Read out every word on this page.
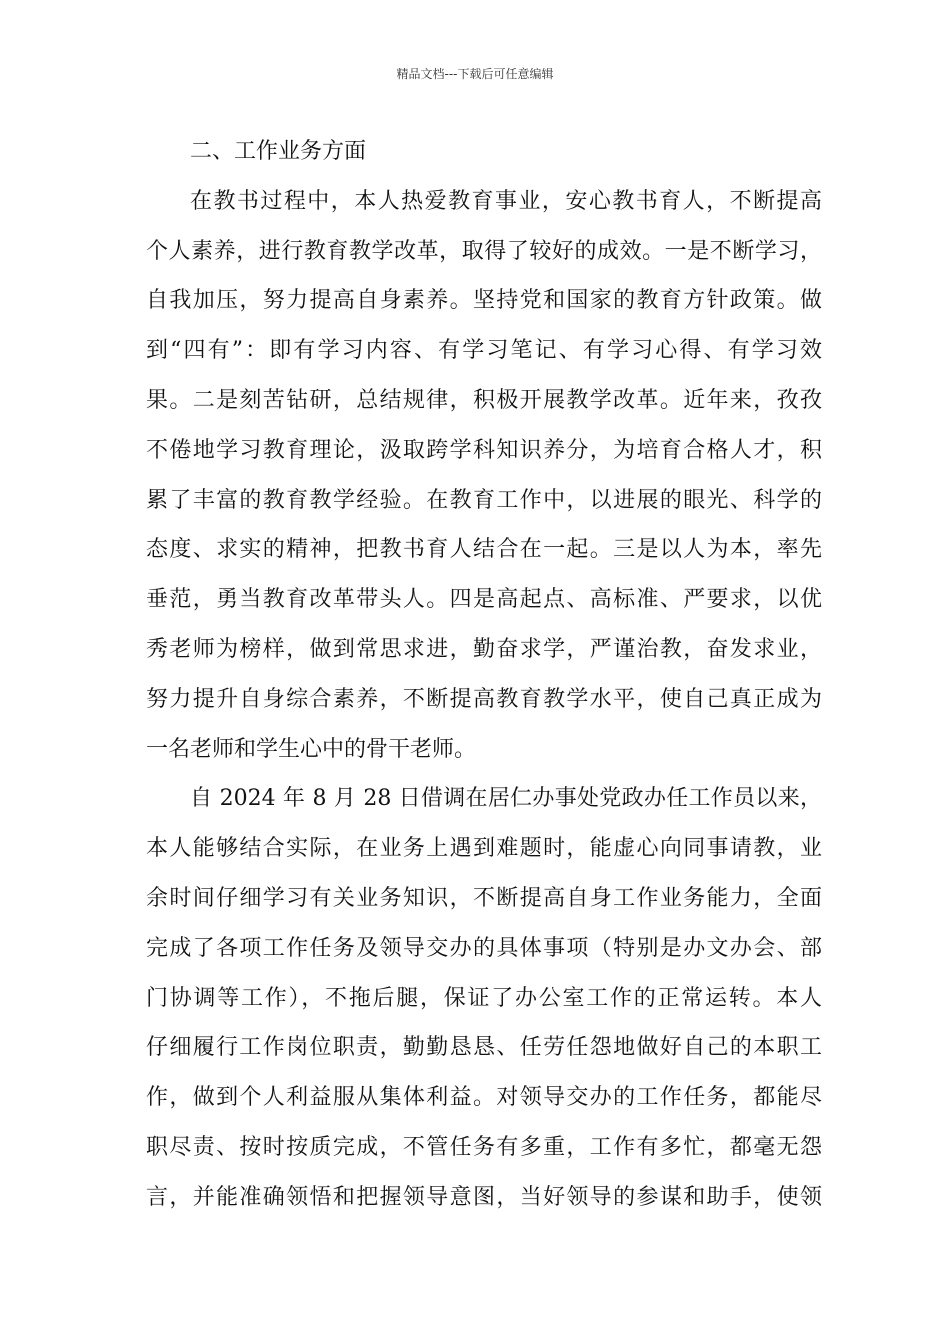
精品文档---下载后可任意编辑
二、工作业务方面
在教书过程中，本人热爱教育事业，安心教书育人，不断提高
个人素养，进行教育教学改革，取得了较好的成效。一是不断学习，
自我加压，努力提高自身素养。坚持党和国家的教育方针政策。做
到“四有”：即有学习内容、有学习笔记、有学习心得、有学习效
果。二是刻苦钻研，总结规律，积极开展教学改革。近年来，孜孜
不倦地学习教育理论，汲取跨学科知识养分，为培育合格人才，积
累了丰富的教育教学经验。在教育工作中，以进展的眼光、科学的
态度、求实的精神，把教书育人结合在一起。三是以人为本，率先
垂范，勇当教育改革带头人。四是高起点、高标准、严要求，以优
秀老师为榜样，做到常思求进，勤奋求学，严谨治教，奋发求业，
努力提升自身综合素养，不断提高教育教学水平，使自己真正成为
一名老师和学生心中的骨干老师。
自 2024 年 8 月 28 日借调在居仁办事处党政办任工作员以来，
本人能够结合实际，在业务上遇到难题时，能虚心向同事请教，业
余时间仔细学习有关业务知识，不断提高自身工作业务能力，全面
完成了各项工作任务及领导交办的具体事项（特别是办文办会、部
门协调等工作），不拖后腿，保证了办公室工作的正常运转。本人
仔细履行工作岗位职责，勤勤恳恳、任劳任怨地做好自己的本职工
作，做到个人利益服从集体利益。对领导交办的工作任务，都能尽
职尽责、按时按质完成，不管任务有多重，工作有多忙，都毫无怨
言，并能准确领悟和把握领导意图，当好领导的参谋和助手，使领
